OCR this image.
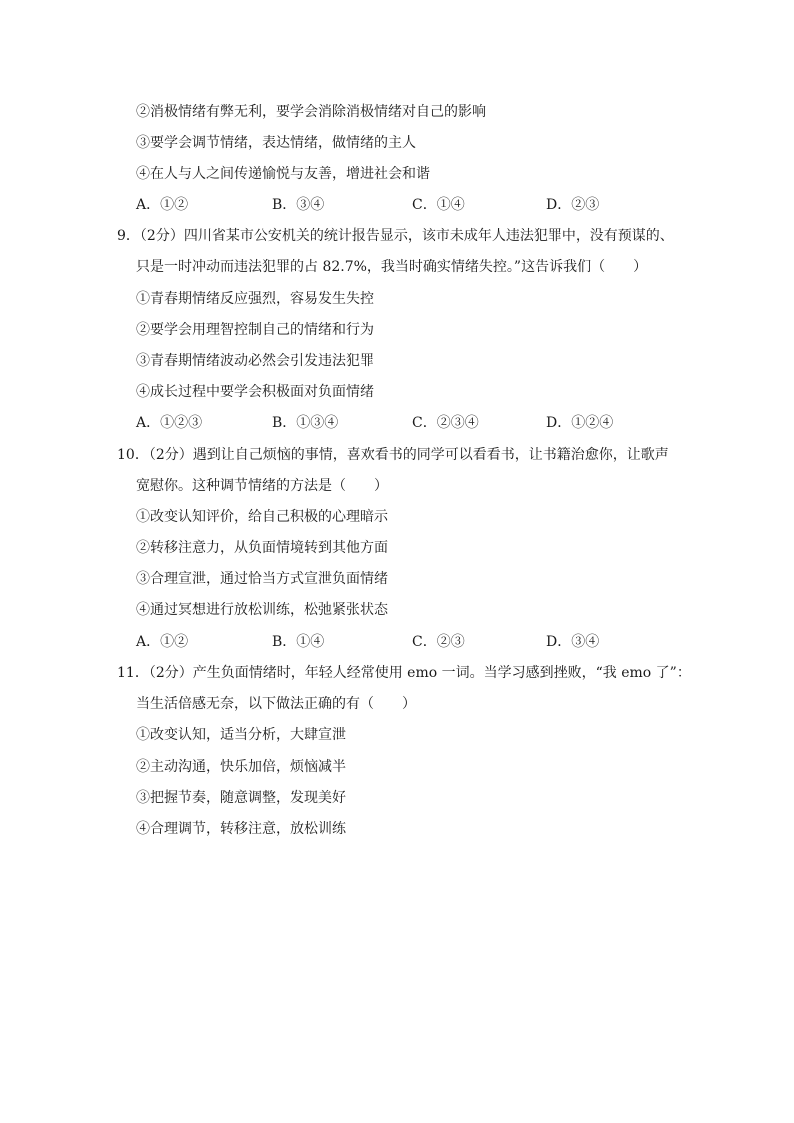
②消极情绪有弊无利，要学会消除消极情绪对自己的影响
③要学会调节情绪，表达情绪，做情绪的主人
④在人与人之间传递愉悦与友善，增进社会和谐
A．①②	B．③④	C．①④	D．②③
9．（2分）四川省某市公安机关的统计报告显示，该市未成年人违法犯罪中，没有预谋的、
只是一时冲动而违法犯罪的占 82.7%，我当时确实情绪失控。”这告诉我们（　　）
①青春期情绪反应强烈，容易发生失控
②要学会用理智控制自己的情绪和行为
③青春期情绪波动必然会引发违法犯罪
④成长过程中要学会积极面对负面情绪
A．①②③	B．①③④	C．②③④	D．①②④
10．（2分）遇到让自己烦恼的事情，喜欢看书的同学可以看看书，让书籍治愈你，让歌声
宽慰你。这种调节情绪的方法是（　　）
①改变认知评价，给自己积极的心理暗示
②转移注意力，从负面情境转到其他方面
③合理宣泄，通过恰当方式宣泄负面情绪
④通过冥想进行放松训练，松弛紧张状态
A．①②	B．①④	C．②③	D．③④
11．（2分）产生负面情绪时，年轻人经常使用 emo 一词。当学习感到挫败，“我 emo 了”：
当生活倍感无奈，以下做法正确的有（　　）
①改变认知，适当分析，大肆宣泄
②主动沟通，快乐加倍，烦恼减半
③把握节奏，随意调整，发现美好
④合理调节，转移注意，放松训练
